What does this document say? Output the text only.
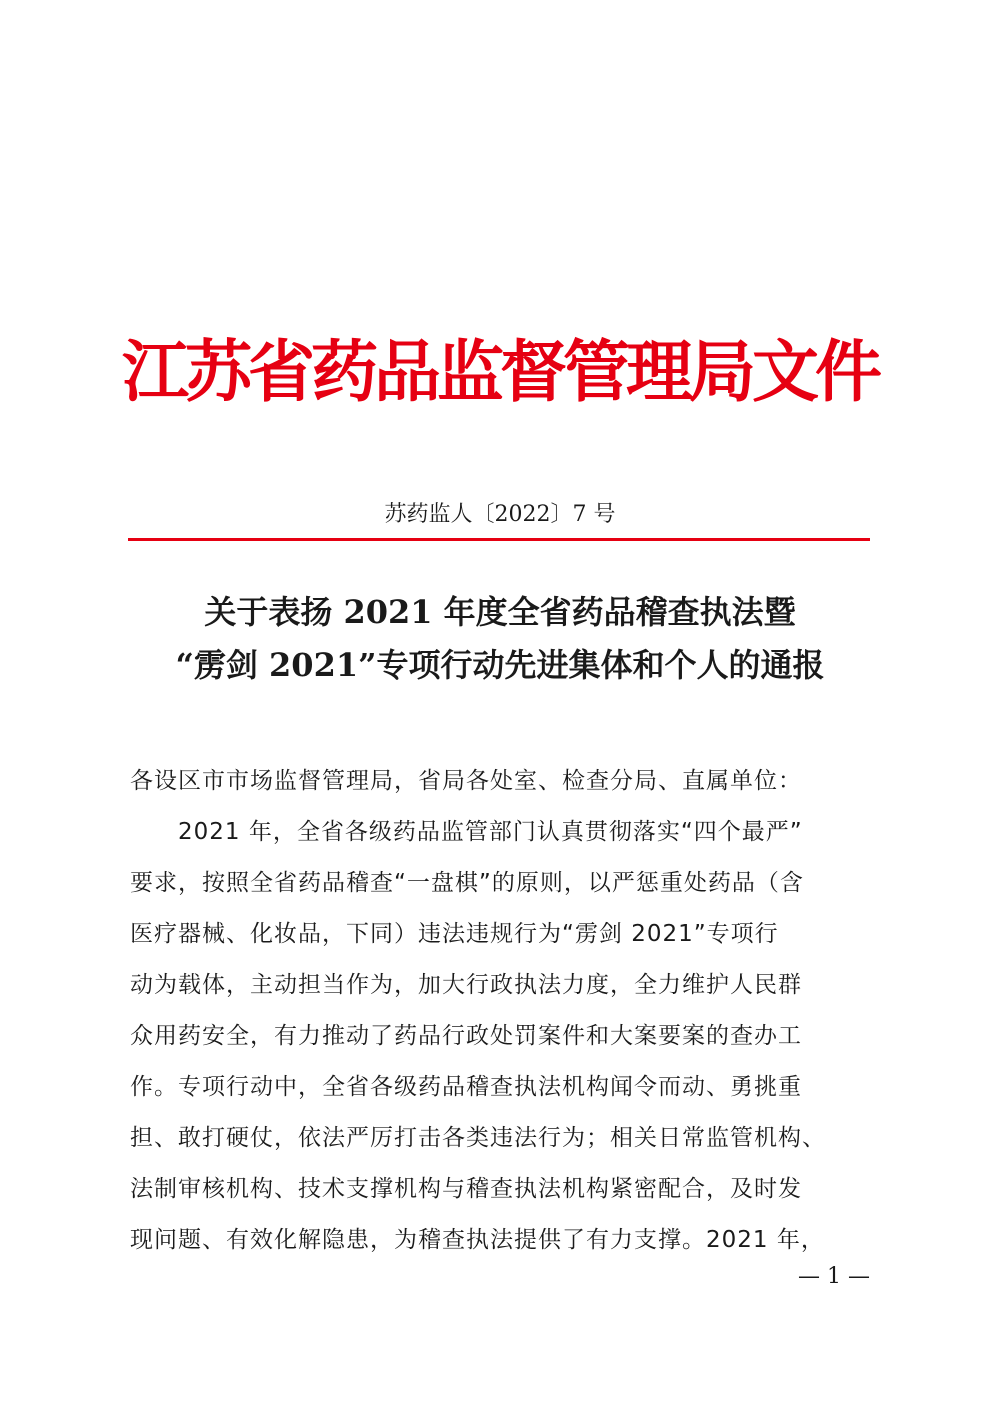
江苏省药品监督管理局文件
苏药监人〔2022〕7 号
关于表扬 2021 年度全省药品稽查执法暨
“雳剑 2021”专项行动先进集体和个人的通报
各设区市市场监督管理局，省局各处室、检查分局、直属单位：
2021 年，全省各级药品监管部门认真贯彻落实“四个最严”
要求，按照全省药品稽查“一盘棋”的原则，以严惩重处药品（含
医疗器械、化妆品，下同）违法违规行为“雳剑 2021”专项行
动为载体，主动担当作为，加大行政执法力度，全力维护人民群
众用药安全，有力推动了药品行政处罚案件和大案要案的查办工
作。专项行动中，全省各级药品稽查执法机构闻令而动、勇挑重
担、敢打硬仗，依法严厉打击各类违法行为；相关日常监管机构、
法制审核机构、技术支撑机构与稽查执法机构紧密配合，及时发
现问题、有效化解隐患，为稽查执法提供了有力支撑。2021 年，
— 1 —
